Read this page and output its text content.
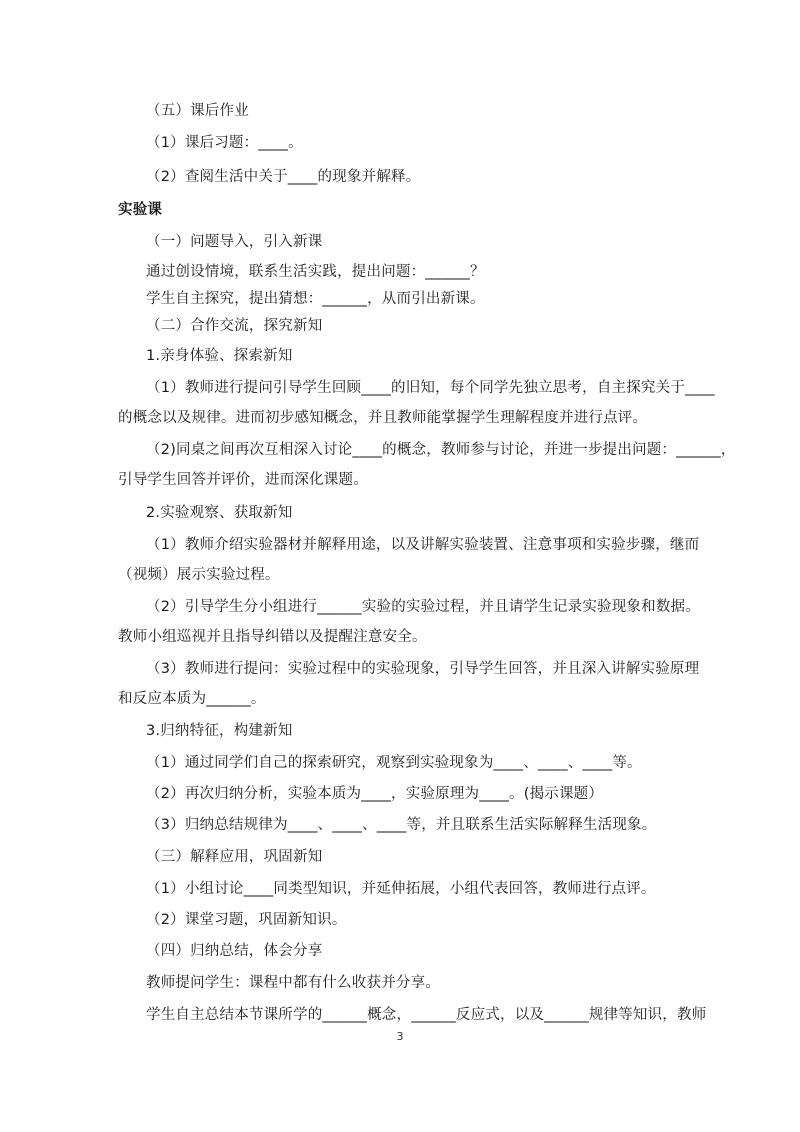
（五）课后作业
（1）课后习题：____。
（2）查阅生活中关于____的现象并解释。
实验课
（一）问题导入，引入新课
通过创设情境，联系生活实践，提出问题：______？
学生自主探究，提出猜想：______，从而引出新课。
（二）合作交流，探究新知
1.亲身体验、探索新知
（1）教师进行提问引导学生回顾____的旧知，每个同学先独立思考，自主探究关于____
的概念以及规律。进而初步感知概念，并且教师能掌握学生理解程度并进行点评。
（2)同桌之间再次互相深入讨论____的概念，教师参与讨论，并进一步提出问题：______，
引导学生回答并评价，进而深化课题。
2.实验观察、获取新知
（1）教师介绍实验器材并解释用途，以及讲解实验装置、注意事项和实验步骤，继而
（视频）展示实验过程。
（2）引导学生分小组进行______实验的实验过程，并且请学生记录实验现象和数据。
教师小组巡视并且指导纠错以及提醒注意安全。
（3）教师进行提问：实验过程中的实验现象，引导学生回答，并且深入讲解实验原理
和反应本质为______。
3.归纳特征，构建新知
（1）通过同学们自己的探索研究，观察到实验现象为____、____、____等。
（2）再次归纳分析，实验本质为____，实验原理为____。(揭示课题）
（3）归纳总结规律为____、____、____等，并且联系生活实际解释生活现象。
（三）解释应用，巩固新知
（1）小组讨论____同类型知识，并延伸拓展，小组代表回答，教师进行点评。
（2）课堂习题，巩固新知识。
（四）归纳总结，体会分享
教师提问学生：课程中都有什么收获并分享。
学生自主总结本节课所学的______概念，______反应式，以及______规律等知识，教师
3
